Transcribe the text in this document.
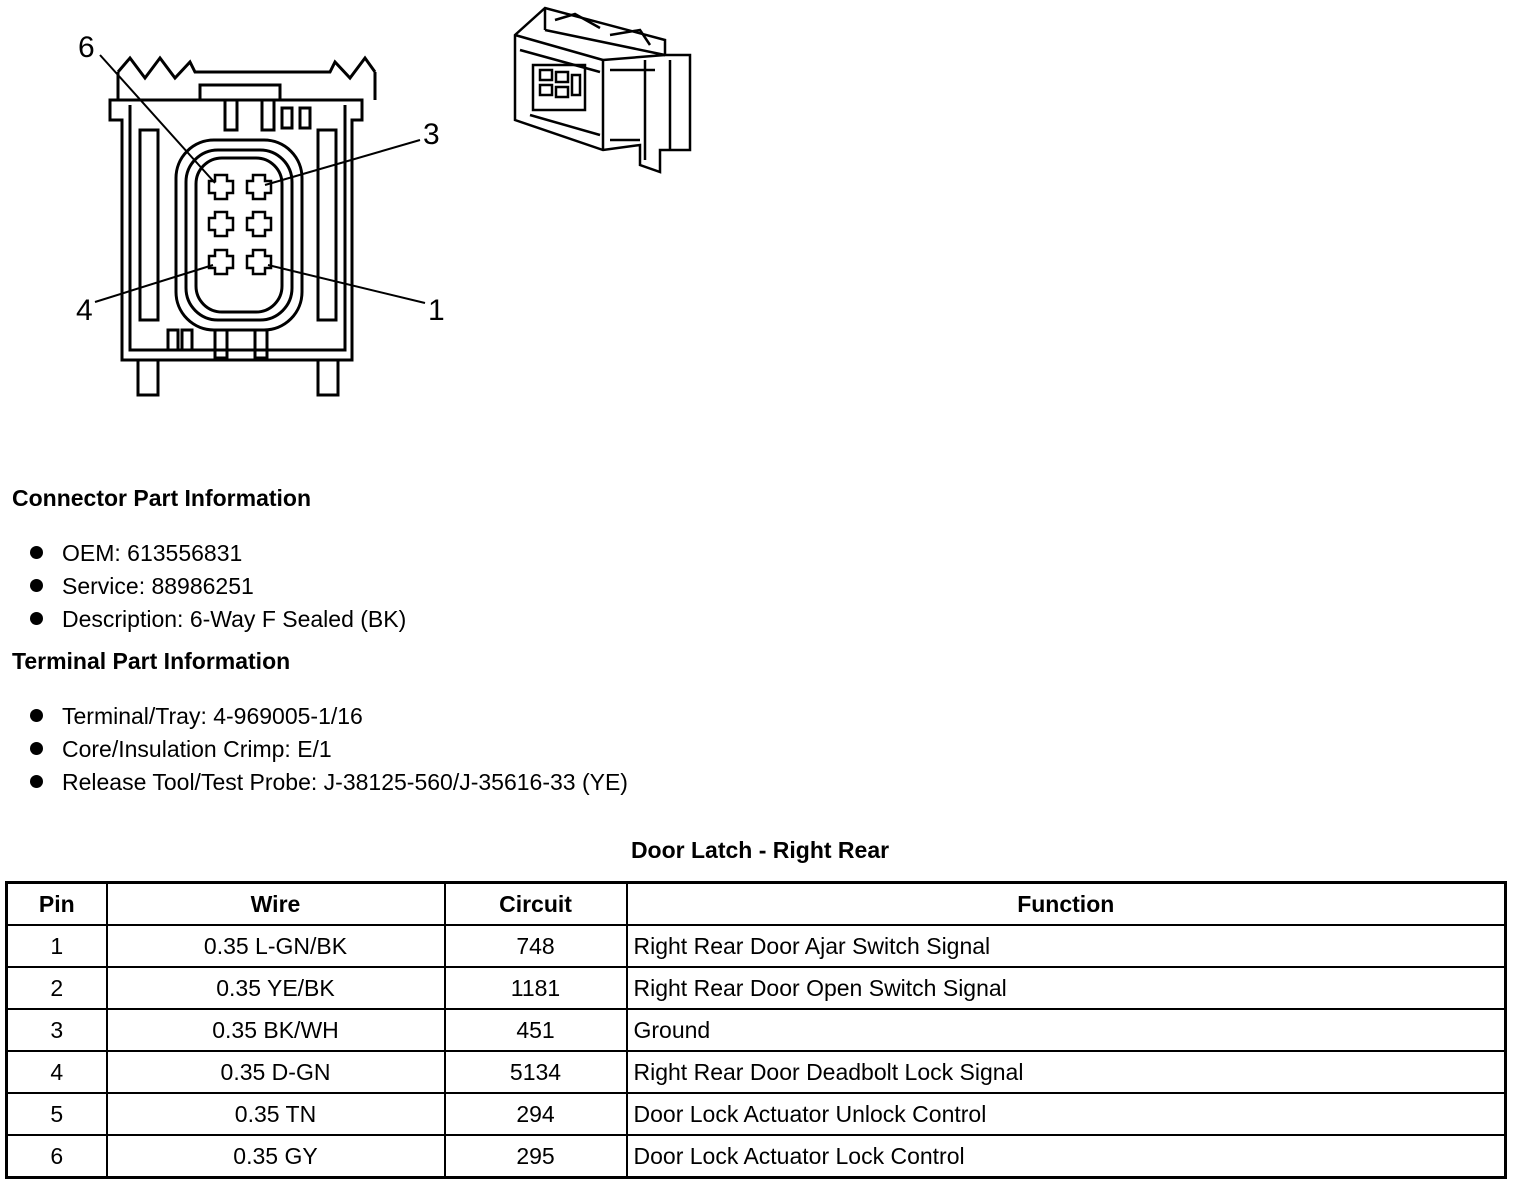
6
3
4	1
Connector Part Information
OEM: 613556831
Service: 88986251
Description: 6-Way F Sealed (BK)
Terminal Part Information
Terminal/Tray: 4-969005-1/16
Core/Insulation Crimp: E/1
Release Tool/Test Probe: J-38125-560/J-35616-33 (YE)
Door Latch - Right Rear
Pin	Wire	Circuit	Function
1	0.35 L-GN/BK	748	Right Rear Door Ajar Switch Signal
2	0.35 YE/BK	1181	Right Rear Door Open Switch Signal
3	0.35 BK/WH	451	Ground
4	0.35 D-GN	5134	Right Rear Door Deadbolt Lock Signal
5	0.35 TN	294	Door Lock Actuator Unlock Control
6	0.35 GY	295	Door Lock Actuator Lock Control
